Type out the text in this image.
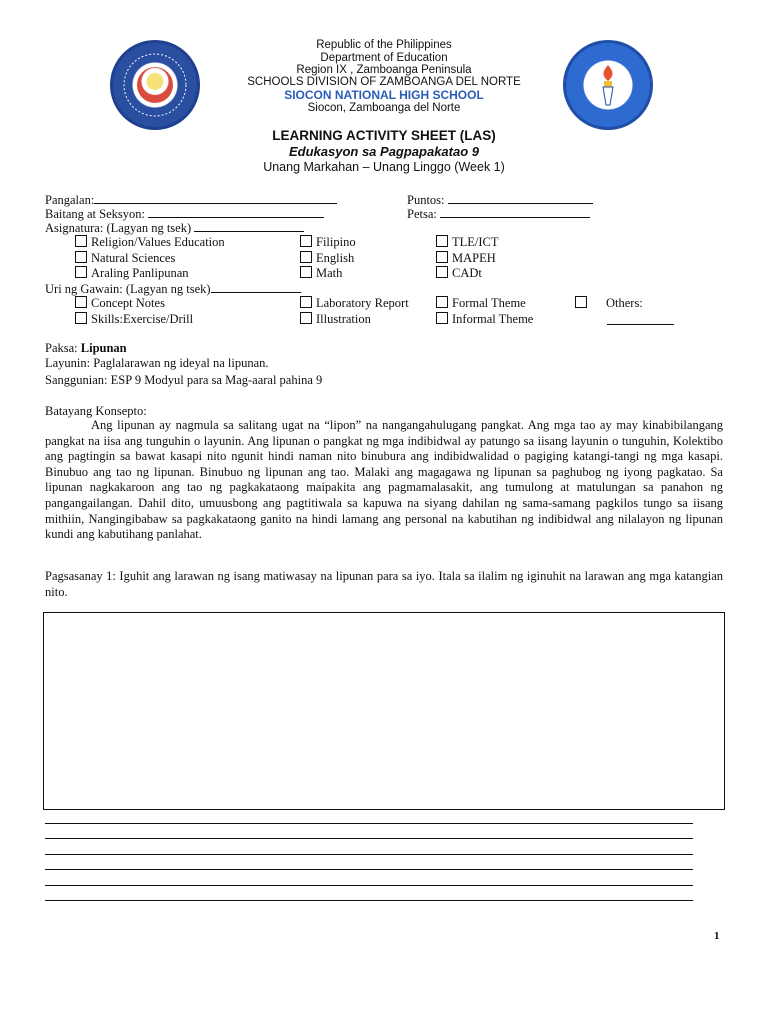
Republic of the Philippines
Department of Education
Region IX , Zamboanga Peninsula
SCHOOLS DIVISION OF ZAMBOANGA DEL NORTE
SIOCON NATIONAL HIGH SCHOOL
Siocon, Zamboanga del Norte
LEARNING ACTIVITY SHEET (LAS)
Edukasyon sa Pagpapakatao 9
Unang Markahan – Unang Linggo (Week 1)
Pangalan:	Puntos:
Baitang at Seksyon:	Petsa:
Asignatura: (Lagyan ng tsek)
Religion/Values Education
Natural Sciences
Araling Panlipunan
Filipino
English
Math
TLE/ICT
MAPEH
CADt
Uri ng Gawain: (Lagyan ng tsek)
Concept Notes
Skills:Exercise/Drill
Laboratory Report
Illustration
Formal Theme
Informal Theme
Others:
Paksa: Lipunan
Layunin: Paglalarawan ng ideyal na lipunan.
Sanggunian: ESP 9 Modyul para sa Mag-aaral pahina 9
Batayang Konsepto:
Ang lipunan ay nagmula sa salitang ugat na “lipon” na nangangahulugang pangkat. Ang mga tao ay may kinabibilangang pangkat na iisa ang tunguhin o layunin. Ang lipunan o pangkat ng mga indibidwal ay patungo sa iisang layunin o tunguhin, Kolektibo ang pagtingin sa bawat kasapi nito ngunit hindi naman nito binubura ang indibidwalidad o pagiging katangi-tangi ng mga kasapi. Binubuo ang tao ng lipunan. Binubuo ng lipunan ang tao. Malaki ang magagawa ng lipunan sa paghubog ng iyong pagkatao. Sa lipunan nagkakaroon ang tao ng pagkakataong maipakita ang pagmamalasakit, ang tumulong at matulungan sa panahon ng pangangailangan. Dahil dito, umuusbong ang pagtitiwala sa kapuwa na siyang dahilan ng sama-samang pagkilos tungo sa iisang mithiin, Nangingibabaw sa pagkakataong ganito na hindi lamang ang personal na kabutihan ng indibidwal ang nilalayon ng lipunan kundi ang kabutihang panlahat.
Pagsasanay 1: Iguhit ang larawan ng isang matiwasay na lipunan para sa iyo. Itala sa ilalim ng iginuhit na larawan ang mga katangian nito.
1
